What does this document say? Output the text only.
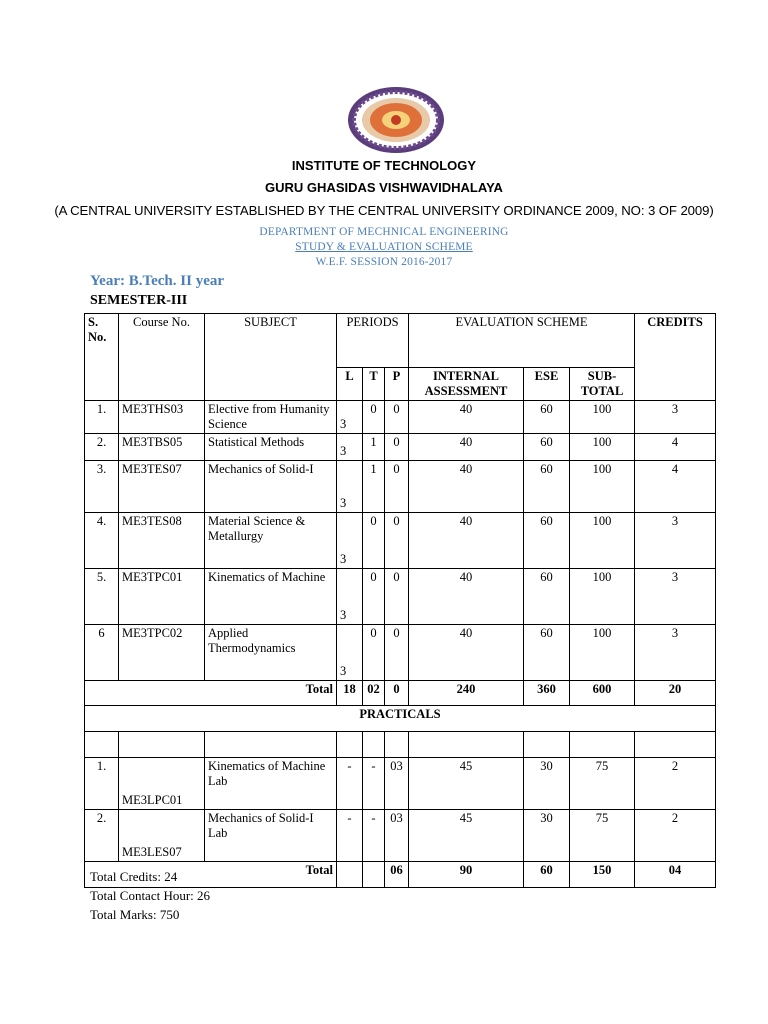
INSTITUTE OF TECHNOLOGY
GURU GHASIDAS VISHWAVIDHALAYA
(A CENTRAL UNIVERSITY ESTABLISHED BY THE CENTRAL UNIVERSITY ORDINANCE 2009, NO: 3 OF 2009)
DEPARTMENT OF MECHNICAL ENGINEERING
STUDY & EVALUATION SCHEME
W.E.F. SESSION 2016-2017
Year: B.Tech. II year
SEMESTER-III
S. No.	Course No.	SUBJECT	PERIODS			EVALUATION SCHEME			CREDITS
			L	T	P	INTERNAL ASSESSMENT	ESE	SUB-TOTAL	
1.	ME3THS03	Elective from Humanity Science	3	0	0	40	60	100	3
2.	ME3TBS05	Statistical Methods	3	1	0	40	60	100	4
3.	ME3TES07	Mechanics of Solid-I	3	1	0	40	60	100	4
4.	ME3TES08	Material Science & Metallurgy	3	0	0	40	60	100	3
5.	ME3TPC01	Kinematics of Machine	3	0	0	40	60	100	3
6	ME3TPC02	Applied Thermodynamics	3	0	0	40	60	100	3
Total			18	02	0	240	360	600	20
PRACTICALS									

1.	ME3LPC01	Kinematics of Machine Lab	-	-	03	45	30	75	2
2.	ME3LES07	Mechanics of Solid-I Lab	-	-	03	45	30	75	2
Total					06	90	60	150	04
Total Credits: 24
Total Contact Hour: 26
Total Marks: 750
